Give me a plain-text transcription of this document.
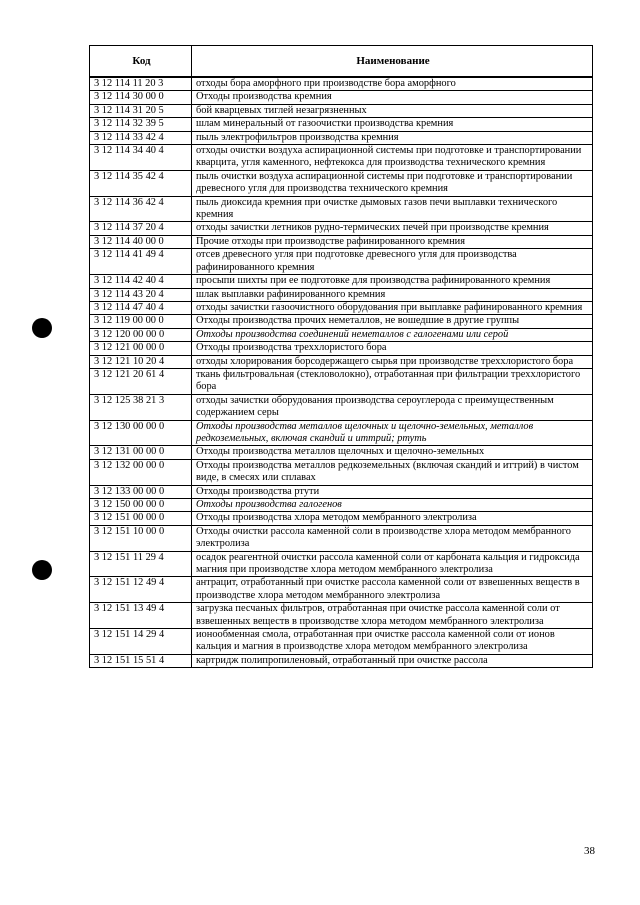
Код	Наименование
3 12 114 11 20 3	отходы бора аморфного при производстве бора аморфного
3 12 114 30 00 0	Отходы производства кремния
3 12 114 31 20 5	бой кварцевых тиглей незагрязненных
3 12 114 32 39 5	шлам минеральный от газоочистки производства кремния
3 12 114 33 42 4	пыль электрофильтров производства кремния
3 12 114 34 40 4	отходы очистки воздуха аспирационной системы при подготовке и транспортировании кварцита, угля каменного, нефтекокса для производства технического кремния
3 12 114 35 42 4	пыль очистки воздуха аспирационной системы при подготовке и транспортировании древесного угля для производства технического кремния
3 12 114 36 42 4	пыль диоксида кремния при очистке дымовых газов печи выплавки технического кремния
3 12 114 37 20 4	отходы зачистки летников рудно-термических печей при производстве кремния
3 12 114 40 00 0	Прочие отходы при производстве рафинированного кремния
3 12 114 41 49 4	отсев древесного угля при подготовке древесного угля для производства рафинированного кремния
3 12 114 42 40 4	просыпи шихты при ее подготовке для производства рафинированного кремния
3 12 114 43 20 4	шлак выплавки рафинированного кремния
3 12 114 47 40 4	отходы зачистки газоочистного оборудования при выплавке рафинированного кремния
3 12 119 00 00 0	Отходы производства прочих неметаллов, не вошедшие в другие группы
3 12 120 00 00 0	Отходы производства соединений неметаллов с галогенами или серой
3 12 121 00 00 0	Отходы производства треххлористого бора
3 12 121 10 20 4	отходы хлорирования борсодержащего сырья при производстве треххлористого бора
3 12 121 20 61 4	ткань фильтровальная (стекловолокно), отработанная при фильтрации треххлористого бора
3 12 125 38 21 3	отходы зачистки оборудования производства сероуглерода с преимущественным содержанием серы
3 12 130 00 00 0	Отходы производства металлов щелочных и щелочно-земельных, металлов редкоземельных, включая скандий и иттрий; ртуть
3 12 131 00 00 0	Отходы производства металлов щелочных и щелочно-земельных
3 12 132 00 00 0	Отходы производства металлов редкоземельных (включая скандий и иттрий) в чистом виде, в смесях или сплавах
3 12 133 00 00 0	Отходы производства ртути
3 12 150 00 00 0	Отходы производства галогенов
3 12 151 00 00 0	Отходы производства хлора методом мембранного электролиза
3 12 151 10 00 0	Отходы очистки рассола каменной соли в производстве хлора методом мембранного электролиза
3 12 151 11 29 4	осадок реагентной очистки рассола каменной соли от карбоната кальция и гидроксида магния при производстве хлора методом мембранного электролиза
3 12 151 12 49 4	антрацит, отработанный при очистке рассола каменной соли от взвешенных веществ в производстве хлора методом мембранного электролиза
3 12 151 13 49 4	загрузка песчаных фильтров, отработанная при очистке рассола каменной соли от взвешенных веществ в производстве хлора методом мембранного электролиза
3 12 151 14 29 4	ионообменная смола, отработанная при очистке рассола каменной соли от ионов кальция и магния в производстве хлора методом мембранного электролиза
3 12 151 15 51 4	картридж полипропиленовый, отработанный при очистке рассола
38
